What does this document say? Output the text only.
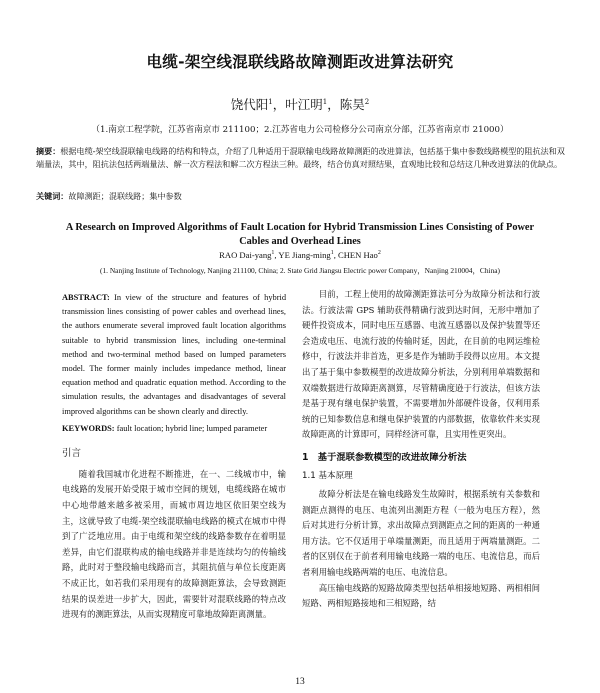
电缆-架空线混联线路故障测距改进算法研究
饶代阳$^1$，叶江明$^1$，陈昊$^2$
（1.南京工程学院，江苏省南京市 211100；2.江苏省电力公司检修分公司南京分部，江苏省南京市 21000）
摘要：根据电缆-架空线混联输电线路的结构和特点，介绍了几种适用于混联输电线路故障测距的改进算法，包括基于集中参数线路模型的阻抗法和双端量法，其中，阻抗法包括两端量法、解一次方程法和解二次方程法三种。最终，结合仿真对照结果，直观地比较和总结这几种改进算法的优缺点。
关键词：故障测距；混联线路；集中参数
A Research on Improved Algorithms of Fault Location for Hybrid Transmission Lines Consisting of Power Cables and Overhead Lines
RAO Dai-yang$^1$, YE Jiang-ming$^1$, CHEN Hao$^2$
(1. Nanjing Institute of Technology, Nanjing 211100, China; 2. State Grid Jiangsu Electric power Company，Nanjing 210004，China)

ABSTRACT: In view of the structure and features of hybrid transmission lines consisting of power cables and overhead lines, the authors enumerate several improved fault location algorithms suitable to hybrid transmission lines, including one-terminal method and two-terminal method based on lumped parameters model. The former mainly includes impedance method, linear equation method and quadratic equation method. According to the simulation results, the advantages and disadvantages of several improved algorithms can be shown clearly and directly.

KEYWORDS: fault location; hybrid line; lumped parameter

引言

随着我国城市化进程不断推进，在一、二线城市中，输电线路的发展开始受限于城市空间的规划，电缆线路在城市中心地带越来越多被采用，而城市周边地区依旧架空线为主，这就导致了电缆-架空线混联输电线路的模式在城市中得到了广泛地应用。由于电缆和架空线的线路参数存在着明显差异，由它们混联构成的输电线路并非是连续均匀的传输线路，此时对于整段输电线路而言，其阻抗值与单位长度距离不成正比，如若我们采用现有的故障测距算法，会导致测距结果的误差进一步扩大，因此，需要针对混联线路的特点改进现有的测距算法，从而实现精度可靠地故障距离测量。

目前，工程上使用的故障测距算法可分为故障分析法和行波法。行波法需 GPS 辅助获得精确行波到达时间，无形中增加了硬件投资成本，同时电压互感器、电流互感器以及保护装置等还会造成电压、电流行波的传输时延，因此，在目前的电网运维检修中，行波法并非首选，更多是作为辅助手段得以应用。本文提出了基于集中参数模型的改进故障分析法，分别利用单端数据和双端数据进行故障距离测算，尽管精确度逊于行波法，但该方法是基于现有继电保护装置，不需要增加外部硬件设备，仅利用系统的已知参数信息和继电保护装置的内部数据，依靠软件来实现故障距离的计算即可，同样经济可靠，且实用性更突出。

1　基于混联参数模型的改进故障分析法
1.1 基本原理

故障分析法是在输电线路发生故障时，根据系统有关参数和测距点测得的电压、电流列出测距方程（一般为电压方程），然后对其进行分析计算，求出故障点到测距点之间的距离的一种通用方法。它不仅适用于单端量测距，而且适用于两端量测距。二者的区别仅在于前者利用输电线路一端的电压、电流信息，而后者利用输电线路两端的电压、电流信息。

高压输电线路的短路故障类型包括单相接地短路、两相相间短路、两相短路接地和三相短路，结

13
